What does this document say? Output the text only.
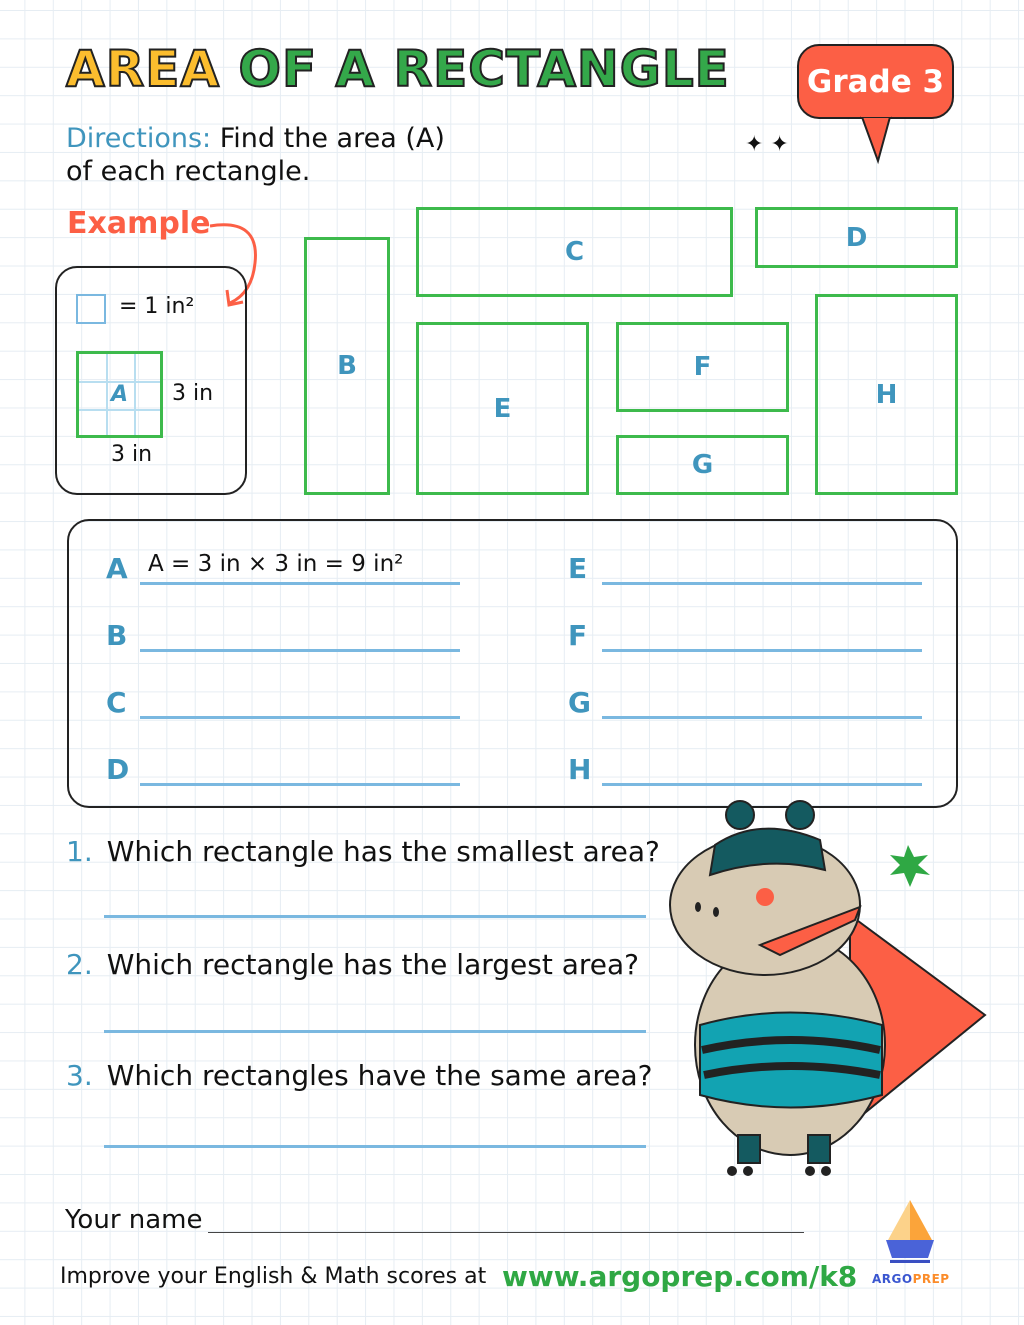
AREA OF A RECTANGLE Grade 3
✦ ✦
Directions: Find the area (A)
of each rectangle.
Example
= 1 in²
A 3 in
3 in
B
C	D
E
F
G
H
A A = 3 in × 3 in = 9 in²
B
C
D
E
F
G
H
1. Which rectangle has the smallest area?
2. Which rectangle has the largest area?
3. Which rectangles have the same area?
Your name
Improve your English & Math scores at www.argoprep.com/k8 ARGOPREP
